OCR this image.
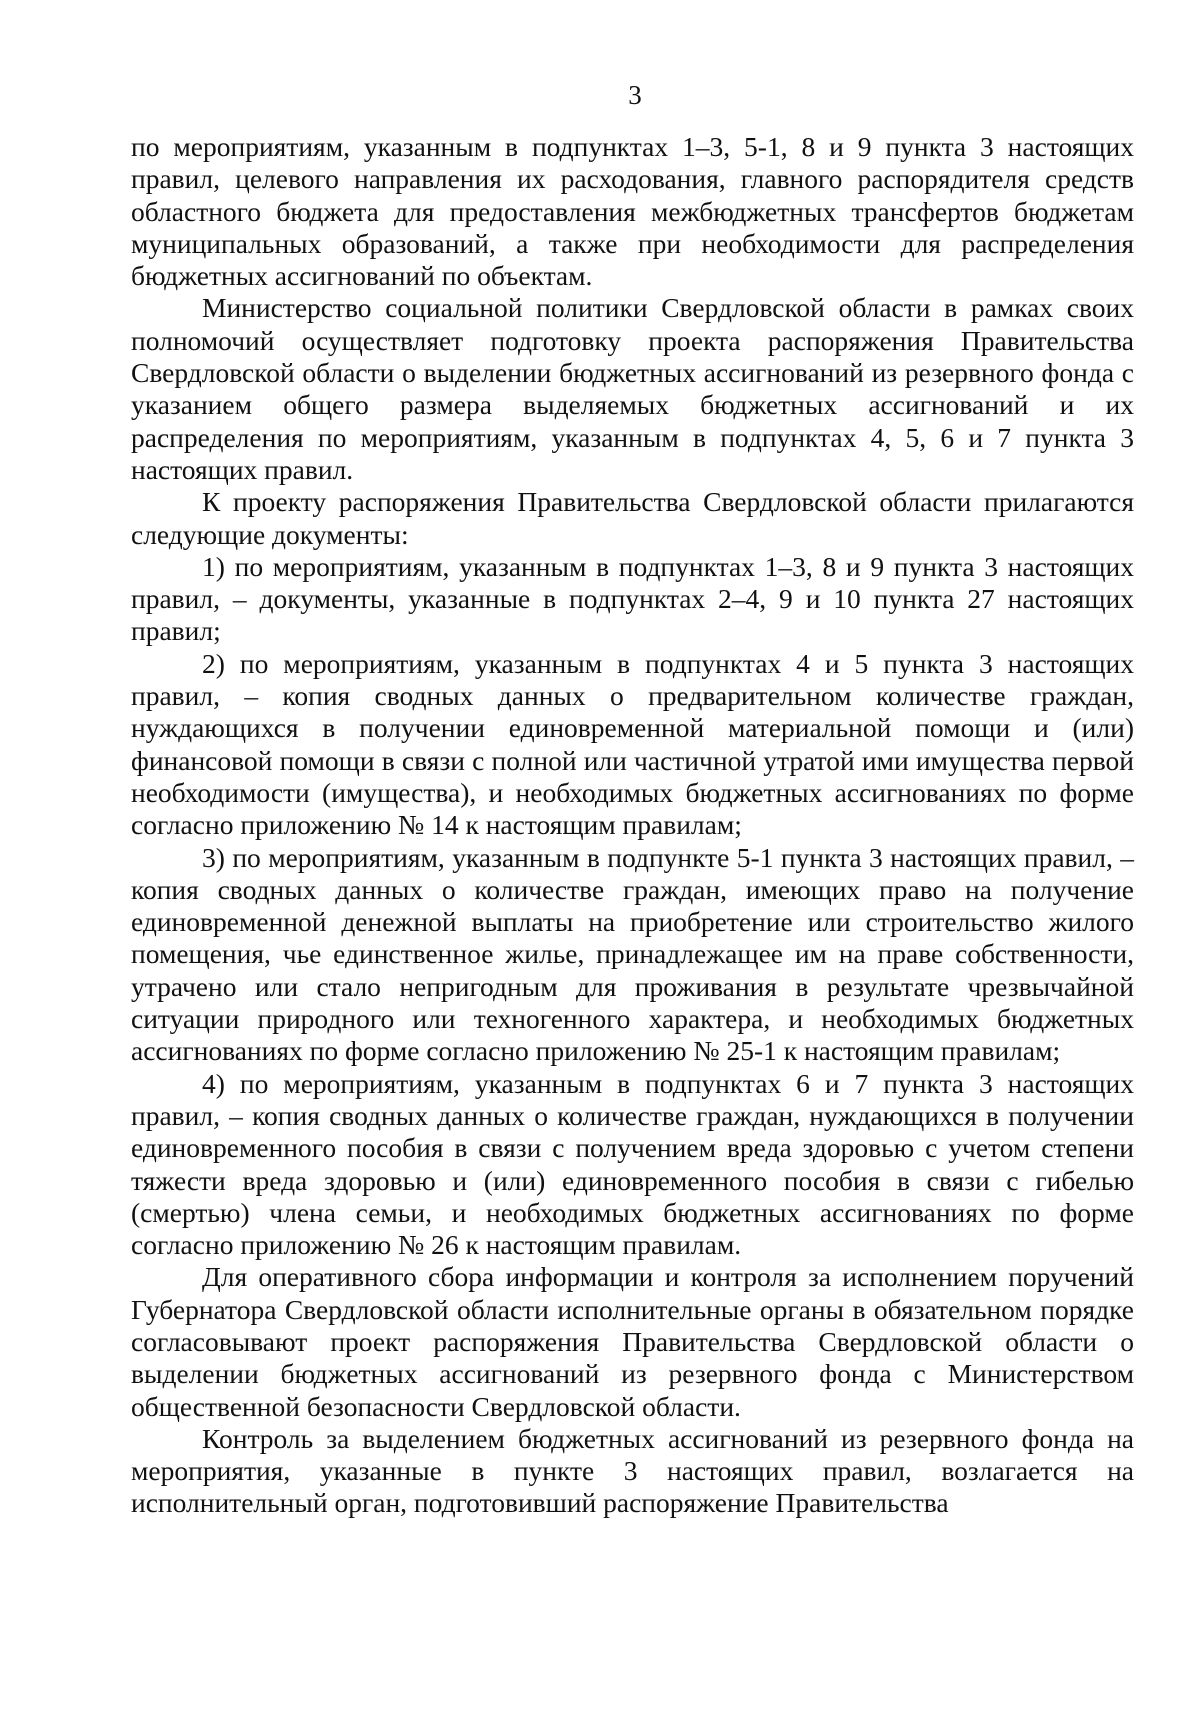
3

по мероприятиям, указанным в подпунктах 1–3, 5-1, 8 и 9 пункта 3 настоящих правил, целевого направления их расходования, главного распорядителя средств областного бюджета для предоставления межбюджетных трансфертов бюджетам муниципальных образований, а также при необходимости для распределения бюджетных ассигнований по объектам.

Министерство социальной политики Свердловской области в рамках своих полномочий осуществляет подготовку проекта распоряжения Правительства Свердловской области о выделении бюджетных ассигнований из резервного фонда с указанием общего размера выделяемых бюджетных ассигнований и их распределения по мероприятиям, указанным в подпунктах 4, 5, 6 и 7 пункта 3 настоящих правил.

К проекту распоряжения Правительства Свердловской области прилагаются следующие документы:

1) по мероприятиям, указанным в подпунктах 1–3, 8 и 9 пункта 3 настоящих правил, – документы, указанные в подпунктах 2–4, 9 и 10 пункта 27 настоящих правил;

2) по мероприятиям, указанным в подпунктах 4 и 5 пункта 3 настоящих правил, – копия сводных данных о предварительном количестве граждан, нуждающихся в получении единовременной материальной помощи и (или) финансовой помощи в связи с полной или частичной утратой ими имущества первой необходимости (имущества), и необходимых бюджетных ассигнованиях по форме согласно приложению № 14 к настоящим правилам;

3) по мероприятиям, указанным в подпункте 5-1 пункта 3 настоящих правил, – копия сводных данных о количестве граждан, имеющих право на получение единовременной денежной выплаты на приобретение или строительство жилого помещения, чье единственное жилье, принадлежащее им на праве собственности, утрачено или стало непригодным для проживания в результате чрезвычайной ситуации природного или техногенного характера, и необходимых бюджетных ассигнованиях по форме согласно приложению № 25-1 к настоящим правилам;

4) по мероприятиям, указанным в подпунктах 6 и 7 пункта 3 настоящих правил, – копия сводных данных о количестве граждан, нуждающихся в получении единовременного пособия в связи с получением вреда здоровью с учетом степени тяжести вреда здоровью и (или) единовременного пособия в связи с гибелью (смертью) члена семьи, и необходимых бюджетных ассигнованиях по форме согласно приложению № 26 к настоящим правилам.

Для оперативного сбора информации и контроля за исполнением поручений Губернатора Свердловской области исполнительные органы в обязательном порядке согласовывают проект распоряжения Правительства Свердловской области о выделении бюджетных ассигнований из резервного фонда с Министерством общественной безопасности Свердловской области.

Контроль за выделением бюджетных ассигнований из резервного фонда на мероприятия, указанные в пункте 3 настоящих правил, возлагается на исполнительный орган, подготовивший распоряжение Правительства
